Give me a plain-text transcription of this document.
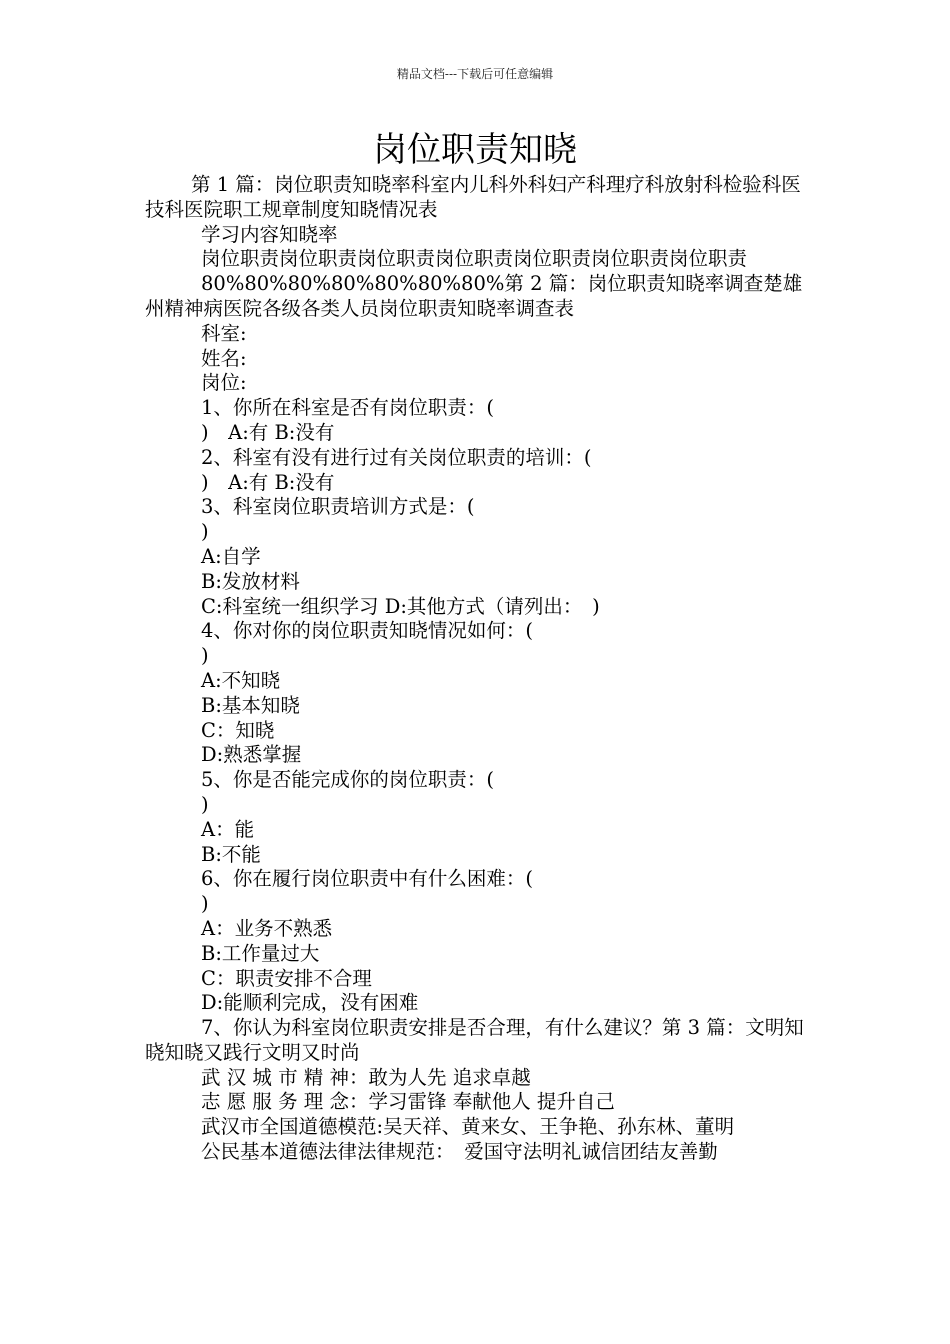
精品文档---下载后可任意编辑
岗位职责知晓

第 1 篇：岗位职责知晓率科室内儿科外科妇产科理疗科放射科检验科医技科医院职工规章制度知晓情况表

学习内容知晓率

岗位职责岗位职责岗位职责岗位职责岗位职责岗位职责岗位职责

80%80%80%80%80%80%80%第 2 篇：岗位职责知晓率调查楚雄州精神病医院各级各类人员岗位职责知晓率调查表

科室:

姓名:

岗位:

1、你所在科室是否有岗位职责：(

)　A:有 B:没有

2、科室有没有进行过有关岗位职责的培训：(

)　A:有 B:没有

3、科室岗位职责培训方式是：(

)

A:自学

B:发放材料

C:科室统一组织学习 D:其他方式（请列出：　)

4、你对你的岗位职责知晓情况如何：(

)

A:不知晓

B:基本知晓

C：知晓

D:熟悉掌握

5、你是否能完成你的岗位职责：(

)

A：能

B:不能

6、你在履行岗位职责中有什么困难：(

)

A：业务不熟悉

B:工作量过大

C：职责安排不合理

D:能顺利完成，没有困难

7、你认为科室岗位职责安排是否合理，有什么建议？第 3 篇：文明知晓知晓又践行文明又时尚

武 汉 城 市 精 神：敢为人先 追求卓越

志 愿 服 务 理 念：学习雷锋 奉献他人 提升自己

武汉市全国道德模范:吴天祥、黄来女、王争艳、孙东林、董明

公民基本道德法律法律规范：　爱国守法明礼诚信团结友善勤
